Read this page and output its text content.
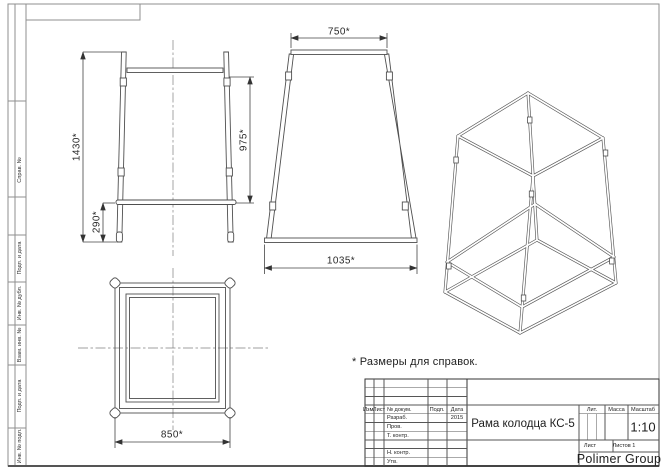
Справ. №
Подп. и дата
Инв. № дубл.
Взам. инв. №
Подп. и дата
Инв. № подл.
1430*
290*
975*
750*
1035*
850*
* Размеры для справок.
Изм.
Лист № докум.	Подп. Дата
Разраб.
Пров.
Т. контр.
Н. контр.
Утв.
2015 Рама колодца КС-5
Лит. Масса Масштаб
1:10
Лист	Листов 1
Polimer Group
